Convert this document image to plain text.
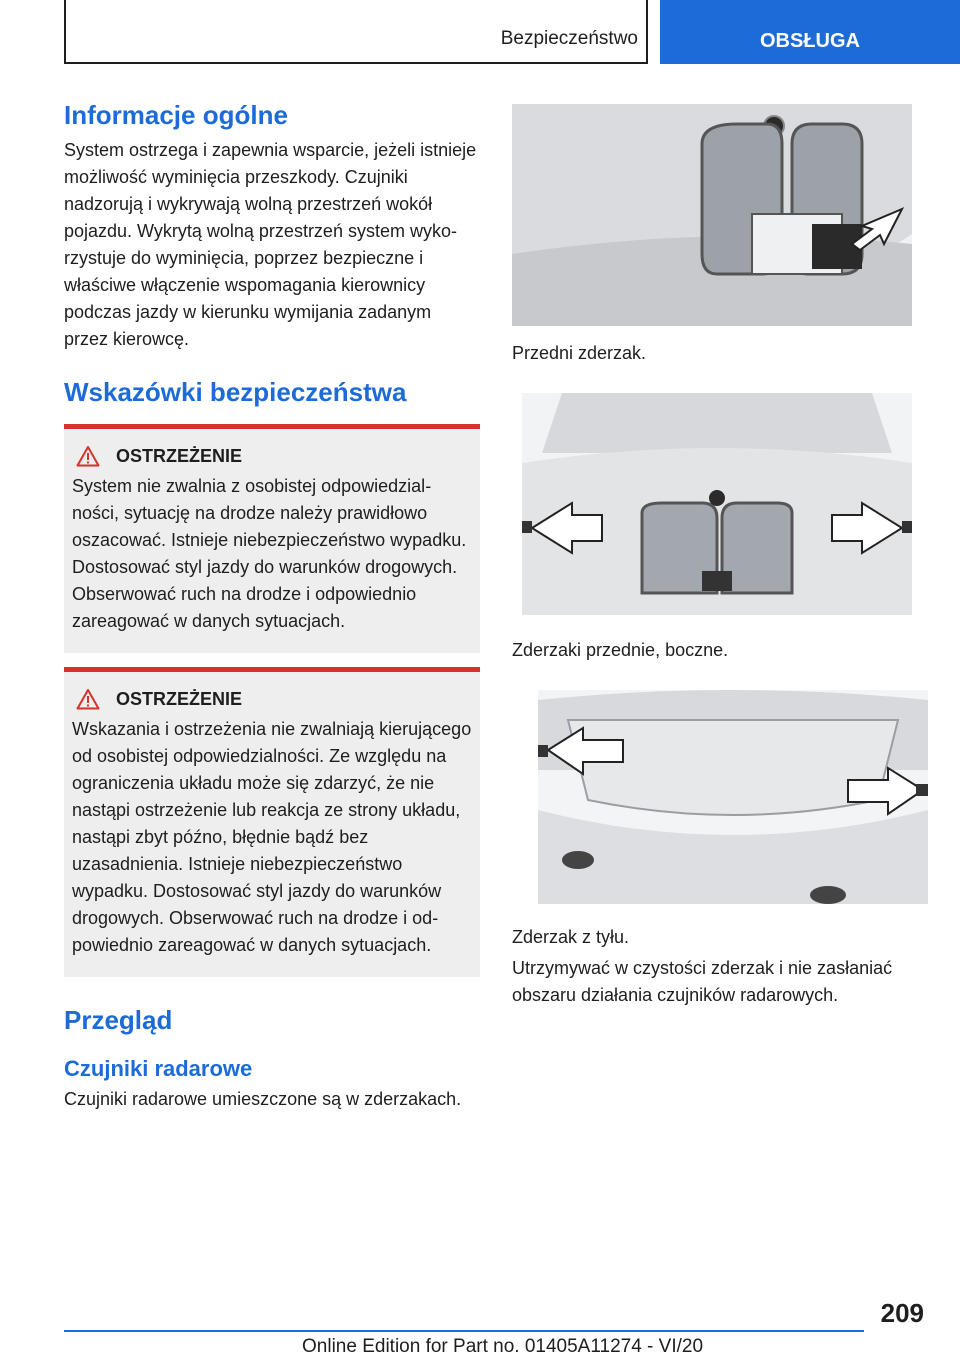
Bezpieczeństwo	OBSŁUGA
Informacje ogólne

System ostrzega i zapewnia wsparcie, jeżeli istnieje możliwość wyminięcia przeszkody. Czujniki nadzorują i wykrywają wolną przestrzeń wokół pojazdu. Wykrytą wolną przestrzeń system wykorzystuje do wyminięcia, poprzez bezpieczne i właściwe włączenie wspomagania kierownicy podczas jazdy w kierunku wymijania zadanym przez kierowcę.

Wskazówki bezpieczeństwa
OSTRZEŻENIE

System nie zwalnia z osobistej odpowiedzialności, sytuację na drodze należy prawidłowo oszacować. Istnieje niebezpieczeństwo wypadku. Dostosować styl jazdy do warunków drogowych. Obserwować ruch na drodze i odpowiednio zareagować w danych sytuacjach.

OSTRZEŻENIE

Wskazania i ostrzeżenia nie zwalniają kierującego od osobistej odpowiedzialności. Ze względu na ograniczenia układu może się zdarzyć, że nie nastąpi ostrzeżenie lub reakcja ze strony układu, nastąpi zbyt późno, błędnie bądź bez uzasadnienia. Istnieje niebezpieczeństwo wypadku. Dostosować styl jazdy do warunków drogowych. Obserwować ruch na drodze i odpowiednio zareagować w danych sytuacjach.

Przegląd
Czujniki radarowe

Czujniki radarowe umieszczone są w zderzakach.

Przedni zderzak.

Zderzaki przednie, boczne.

Zderzak z tyłu.

Utrzymywać w czystości zderzak i nie zasłaniać obszaru działania czujników radarowych.

209
Online Edition for Part no. 01405A11274 - VI/20
